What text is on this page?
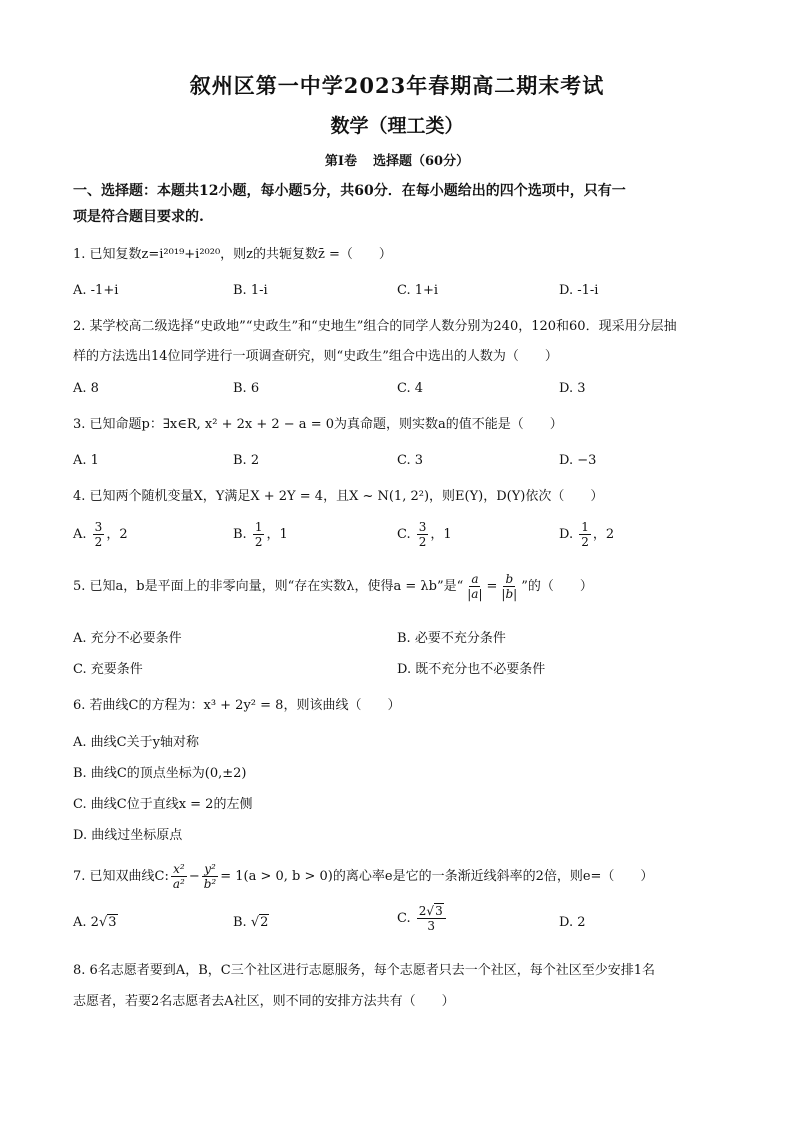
叙州区第一中学2023年春期高二期末考试
数学（理工类）
第Ⅰ卷 选择题（60分）
一、选择题：本题共12小题，每小题5分，共60分．在每小题给出的四个选项中，只有一
项是符合题目要求的.
1. 已知复数z=i²⁰¹⁹+i²⁰²⁰，则z的共轭复数z̄ =（　　）
A. -1+i	B. 1-i	C. 1+i	D. -1-i
2. 某学校高二级选择“史政地”“史政生”和“史地生”组合的同学人数分别为240，120和60．现采用分层抽
样的方法选出14位同学进行一项调查研究，则“史政生”组合中选出的人数为（　　）
A. 8	B. 6	C. 4	D. 3
3. 已知命题p：∃x∈R, x² + 2x + 2 − a = 0为真命题，则实数a的值不能是（　　）
A. 1	B. 2	C. 3	D. −3
4. 已知两个随机变量X，Y满足X + 2Y = 4，且X ~ N(1, 2²)，则E(Y)，D(Y)依次（　　）
A. $\frac{3}{2}$ ，2	B. $\frac{1}{2}$ ，1	C. $\frac{3}{2}$ ，1	D. $\frac{1}{2}$ ，2
5. 已知a，b是平面上的非零向量，则“存在实数λ，使得a = λb”是“ $\frac{a}{|a|} = \frac{b}{|b|}$ ”的（　　）
A. 充分不必要条件	B. 必要不充分条件
C. 充要条件	D. 既不充分也不必要条件
6. 若曲线C的方程为：x³ + 2y² = 8，则该曲线（　　）
A. 曲线C关于y轴对称
B. 曲线C的顶点坐标为(0,±2)
C. 曲线C位于直线x = 2的左侧
D. 曲线过坐标原点
7. 已知双曲线C: $\frac{\text{x²}}{\text{a²}} - \frac{\text{y²}}{\text{b²}} = 1(a > 0$, b > 0)的离心率e是它的一条渐近线斜率的2倍，则e=（　　）
A. 2√3	B. √2	C. $\frac{2√3}{3}$	D. 2
8. 6名志愿者要到A，B，C三个社区进行志愿服务，每个志愿者只去一个社区，每个社区至少安排1名
志愿者，若要2名志愿者去A社区，则不同的安排方法共有（　　）
